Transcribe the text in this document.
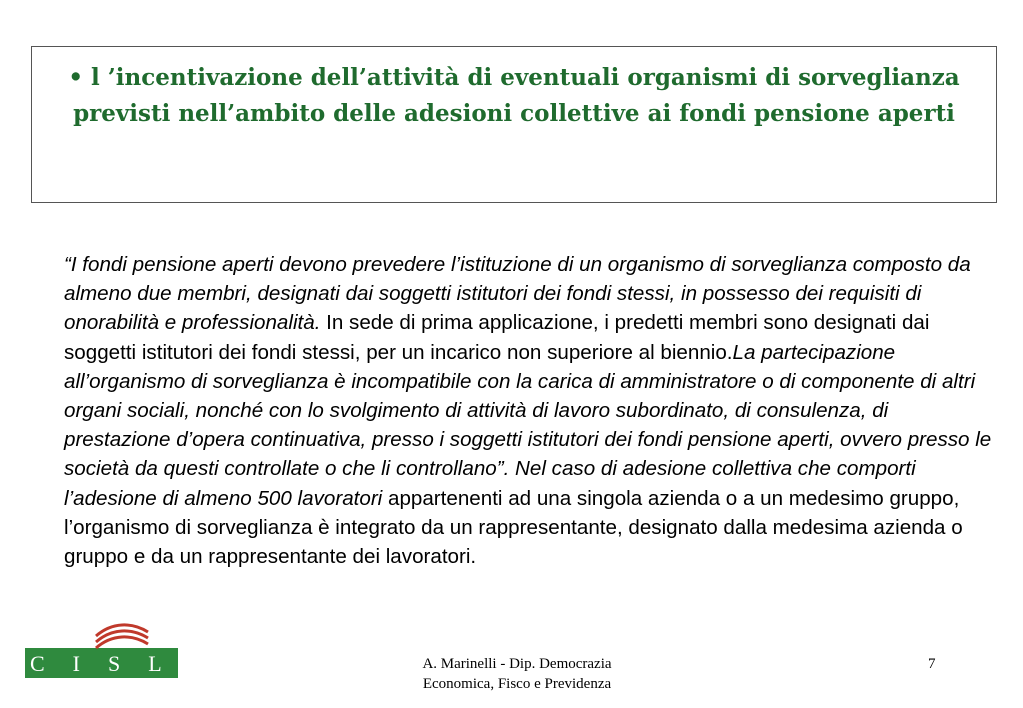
• l ’incentivazione dell’attività di eventuali organismi di sorveglianza previsti nell’ambito delle adesioni collettive ai fondi pensione aperti

“I fondi pensione aperti devono prevedere l’istituzione di un organismo di sorveglianza composto da almeno due membri, designati dai soggetti istitutori dei fondi stessi, in possesso dei requisiti di onorabilità e professionalità. In sede di prima applicazione, i predetti membri sono designati dai soggetti istitutori dei fondi stessi, per un incarico non superiore al biennio.La partecipazione all’organismo di sorveglianza è incompatibile con la carica di amministratore o di componente di altri organi sociali, nonché con lo svolgimento di attività di lavoro subordinato, di consulenza, di prestazione d’opera continuativa, presso i soggetti istitutori dei fondi pensione aperti, ovvero presso le società da questi controllate o che li controllano”. Nel caso di adesione collettiva che comporti l’adesione di almeno 500 lavoratori appartenenti ad una singola azienda o a un medesimo gruppo, l’organismo di sorveglianza è integrato da un rappresentante, designato dalla medesima azienda o gruppo e da un rappresentante dei lavoratori.

CISL	A. Marinelli - Dip. Democrazia
Economica, Fisco e Previdenza
7
